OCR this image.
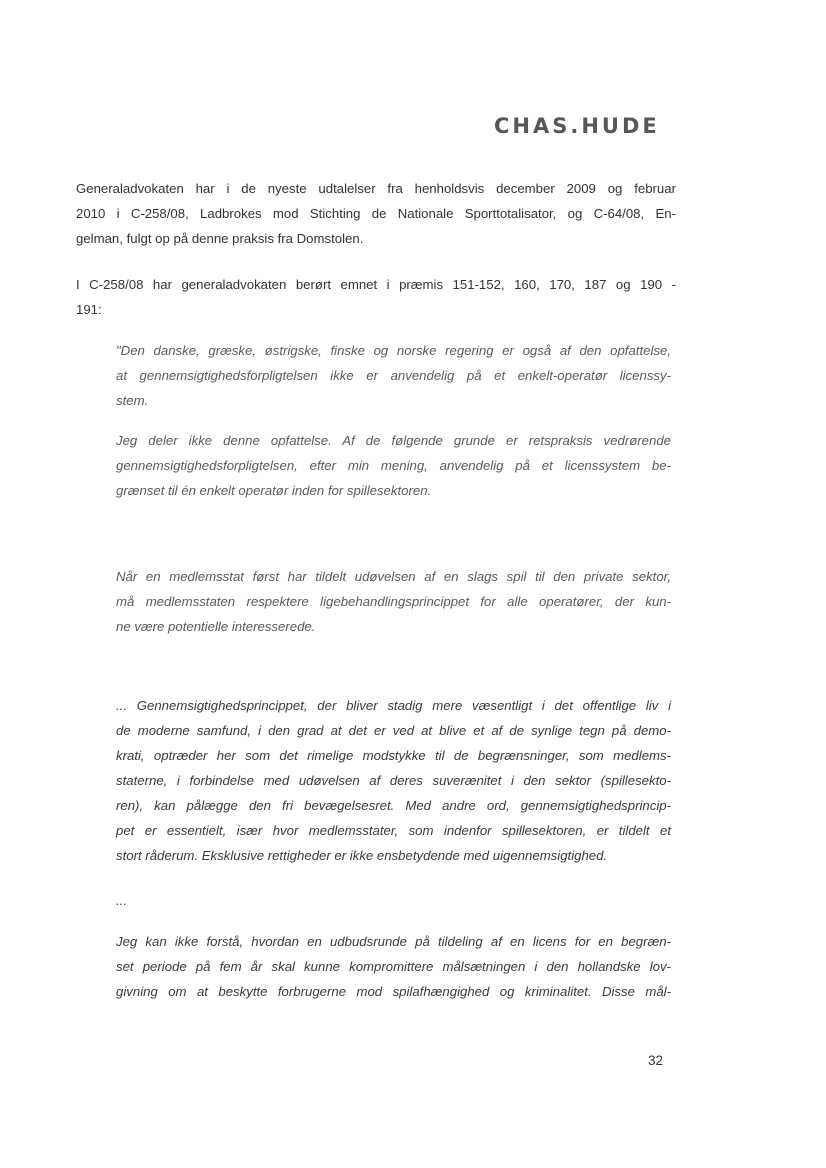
CHAS.HUDE
Generaladvokaten har i de nyeste udtalelser fra henholdsvis december 2009 og februar
2010 i C-258/08, Ladbrokes mod Stichting de Nationale Sporttotalisator, og C-64/08, En-
gelman, fulgt op på denne praksis fra Domstolen.
I C-258/08 har generaladvokaten berørt emnet i præmis 151-152, 160, 170, 187 og 190 -
191:
"Den danske, græske, østrigske, finske og norske regering er også af den opfattelse,
at gennemsigtighedsforpligtelsen ikke er anvendelig på et enkelt-operatør licenssy-
stem.
Jeg deler ikke denne opfattelse. Af de følgende grunde er retspraksis vedrørende
gennemsigtighedsforpligtelsen, efter min mening, anvendelig på et licenssystem be-
grænset til én enkelt operatør inden for spillesektoren.
Når en medlemsstat først har tildelt udøvelsen af en slags spil til den private sektor,
må medlemsstaten respektere ligebehandlingsprincippet for alle operatører, der kun-
ne være potentielle interesserede.
... Gennemsigtighedsprincippet, der bliver stadig mere væsentligt i det offentlige liv i
de moderne samfund, i den grad at det er ved at blive et af de synlige tegn på demo-
krati, optræder her som det rimelige modstykke til de begrænsninger, som medlems-
staterne, i forbindelse med udøvelsen af deres suverænitet i den sektor (spillesekto-
ren), kan pålægge den fri bevægelsesret. Med andre ord, gennemsigtighedsprincip-
pet er essentielt, især hvor medlemsstater, som indenfor spillesektoren, er tildelt et
stort råderum. Eksklusive rettigheder er ikke ensbetydende med uigennemsigtighed.
...
Jeg kan ikke forstå, hvordan en udbudsrunde på tildeling af en licens for en begræn-
set periode på fem år skal kunne kompromittere målsætningen i den hollandske lov-
givning om at beskytte forbrugerne mod spilafhængighed og kriminalitet. Disse mål-
32
